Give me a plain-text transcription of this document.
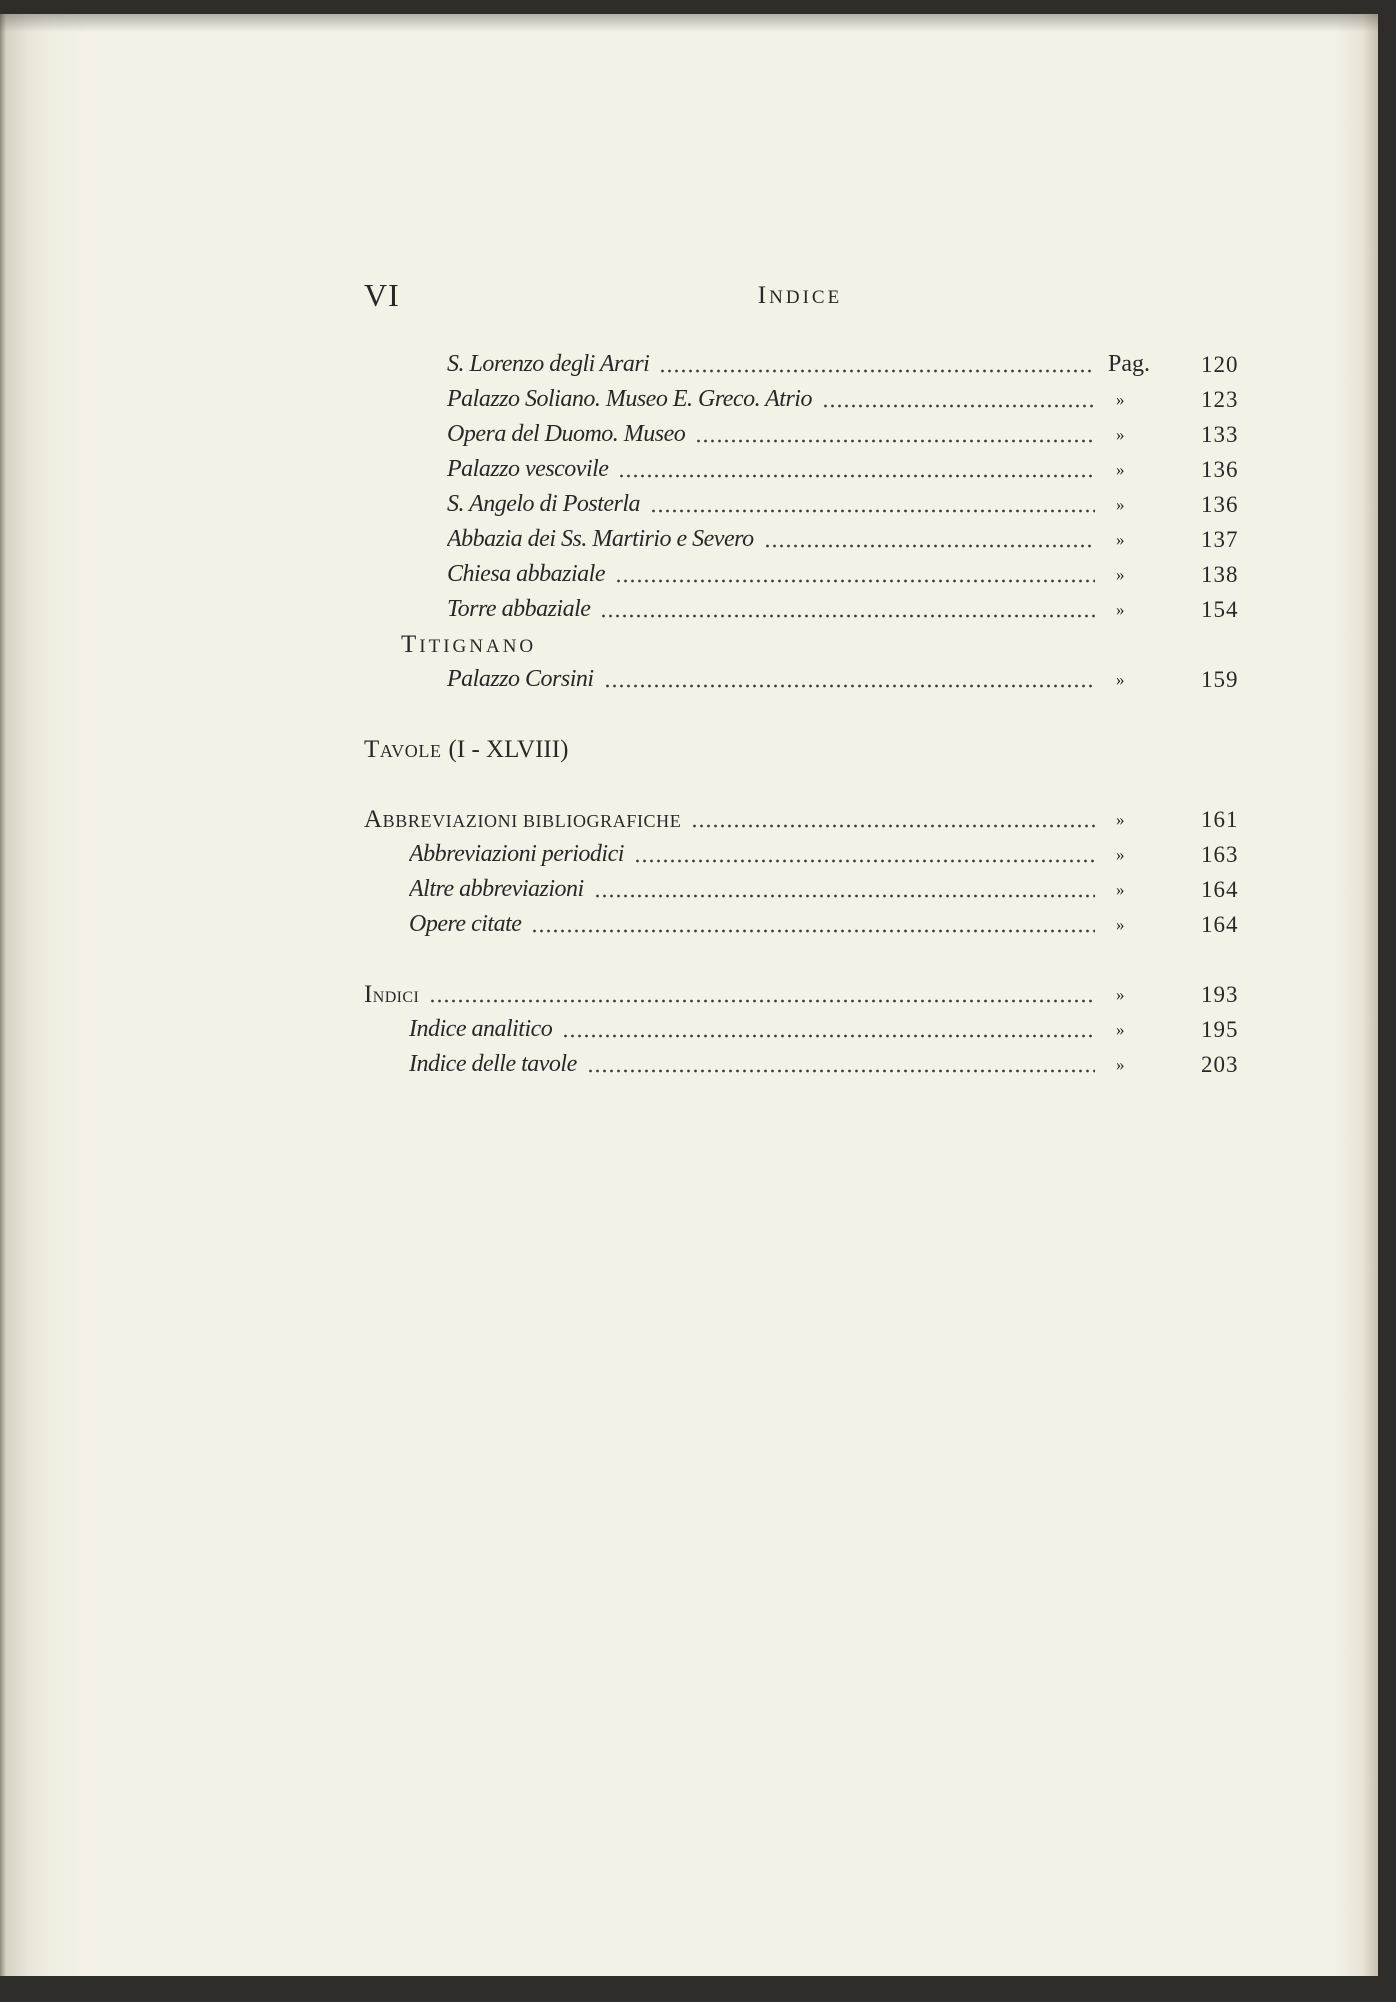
VI	INDICE
S. Lorenzo degli Arari	Pag. 120
Palazzo Soliano. Museo E. Greco. Atrio	»	123
Opera del Duomo. Museo	»	133
Palazzo vescovile	»	136
S. Angelo di Posterla	»	136
Abbazia dei Ss. Martirio e Severo	»	137
Chiesa abbaziale	»	138
Torre abbaziale	»	154
TITIGNANO
Palazzo Corsini	»	159
TAVOLE (I - XLVIII)
ABBREVIAZIONI BIBLIOGRAFICHE	»	161
Abbreviazioni periodici	»	163
Altre abbreviazioni	»	164
Opere citate	»	164
INDICI	»	193
Indice analitico	»	195
Indice delle tavole	»	203
